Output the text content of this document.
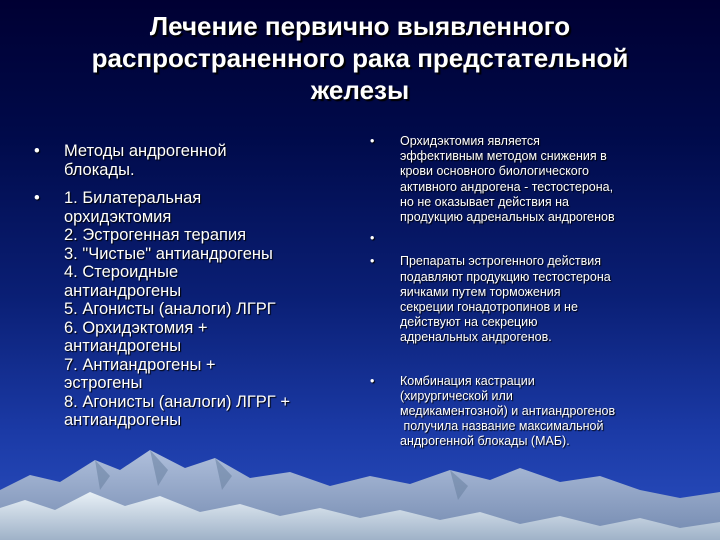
Лечение первично выявленного
распространенного рака предстательной
железы
• Методы андрогенной
блокады.
• 1. Билатеральная
орхидэктомия
2. Эстрогенная терапия
3. "Чистые" антиандрогены
4. Стероидные
антиандрогены
5. Агонисты (аналоги) ЛГРГ
6. Орхидэктомия +
антиандрогены
7. Антиандрогены +
эстрогены
8. Агонисты (аналоги) ЛГРГ +
антиандрогены
• Орхидэктомия является
эффективным методом снижения в
крови основного биологического
активного андрогена - тестостерона,
но не оказывает действия на
продукцию адренальных андрогенов
•

• Препараты эстрогенного действия
подавляют продукцию тестостерона
яичками путем торможения
секреции гонадотропинов и не
действуют на секрецию
адренальных андрогенов.
• Комбинация кастрации
(хирургической или
медикаментозной) и антиандрогенов
получила название максимальной
андрогенной блокады (МАБ).
